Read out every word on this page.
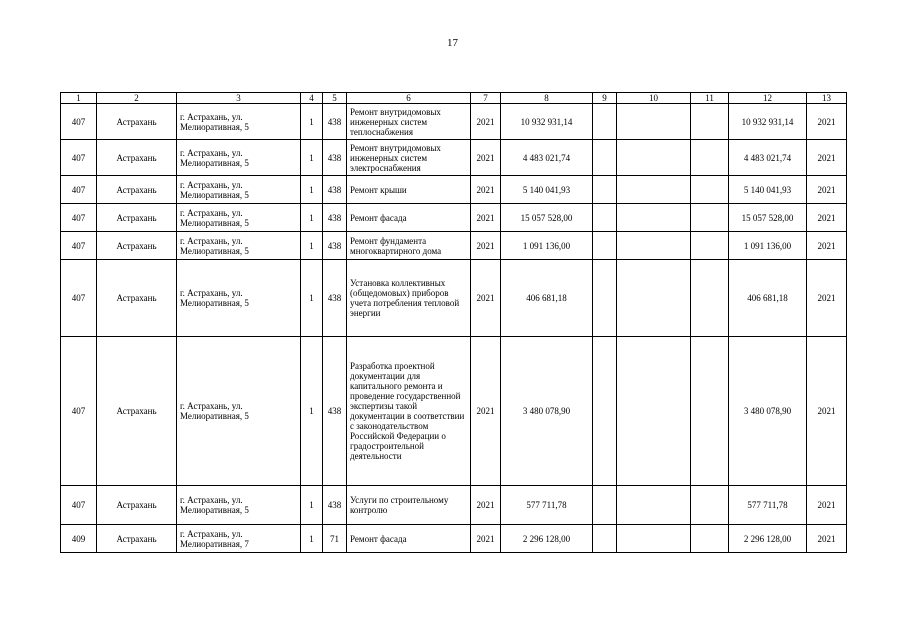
17
1	2	3	4	5	6	7	8	9	10	11	12	13
407	Астрахань	г. Астрахань, ул. Мелиоративная, 5	1	438	Ремонт внутридомовых инженерных систем теплоснабжения	2021	10 932 931,14				10 932 931,14	2021
407	Астрахань	г. Астрахань, ул. Мелиоративная, 5	1	438	Ремонт внутридомовых инженерных систем электроснабжения	2021	4 483 021,74				4 483 021,74	2021
407	Астрахань	г. Астрахань, ул. Мелиоративная, 5	1	438	Ремонт крыши	2021	5 140 041,93				5 140 041,93	2021
407	Астрахань	г. Астрахань, ул. Мелиоративная, 5	1	438	Ремонт фасада	2021	15 057 528,00				15 057 528,00	2021
407	Астрахань	г. Астрахань, ул. Мелиоративная, 5	1	438	Ремонт фундамента многоквартирного дома	2021	1 091 136,00				1 091 136,00	2021
407	Астрахань	г. Астрахань, ул. Мелиоративная, 5	1	438	Установка коллективных (общедомовых) приборов учета потребления тепловой энергии	2021	406 681,18				406 681,18	2021
407	Астрахань	г. Астрахань, ул. Мелиоративная, 5	1	438	Разработка проектной документации для капитального ремонта и проведение государственной экспертизы такой документации в соответствии с законодательством Российской Федерации о градостроительной деятельности	2021	3 480 078,90				3 480 078,90	2021
407	Астрахань	г. Астрахань, ул. Мелиоративная, 5	1	438	Услуги по строительному контролю	2021	577 711,78				577 711,78	2021
409	Астрахань	г. Астрахань, ул. Мелиоративная, 7	1	71	Ремонт фасада	2021	2 296 128,00				2 296 128,00	2021
